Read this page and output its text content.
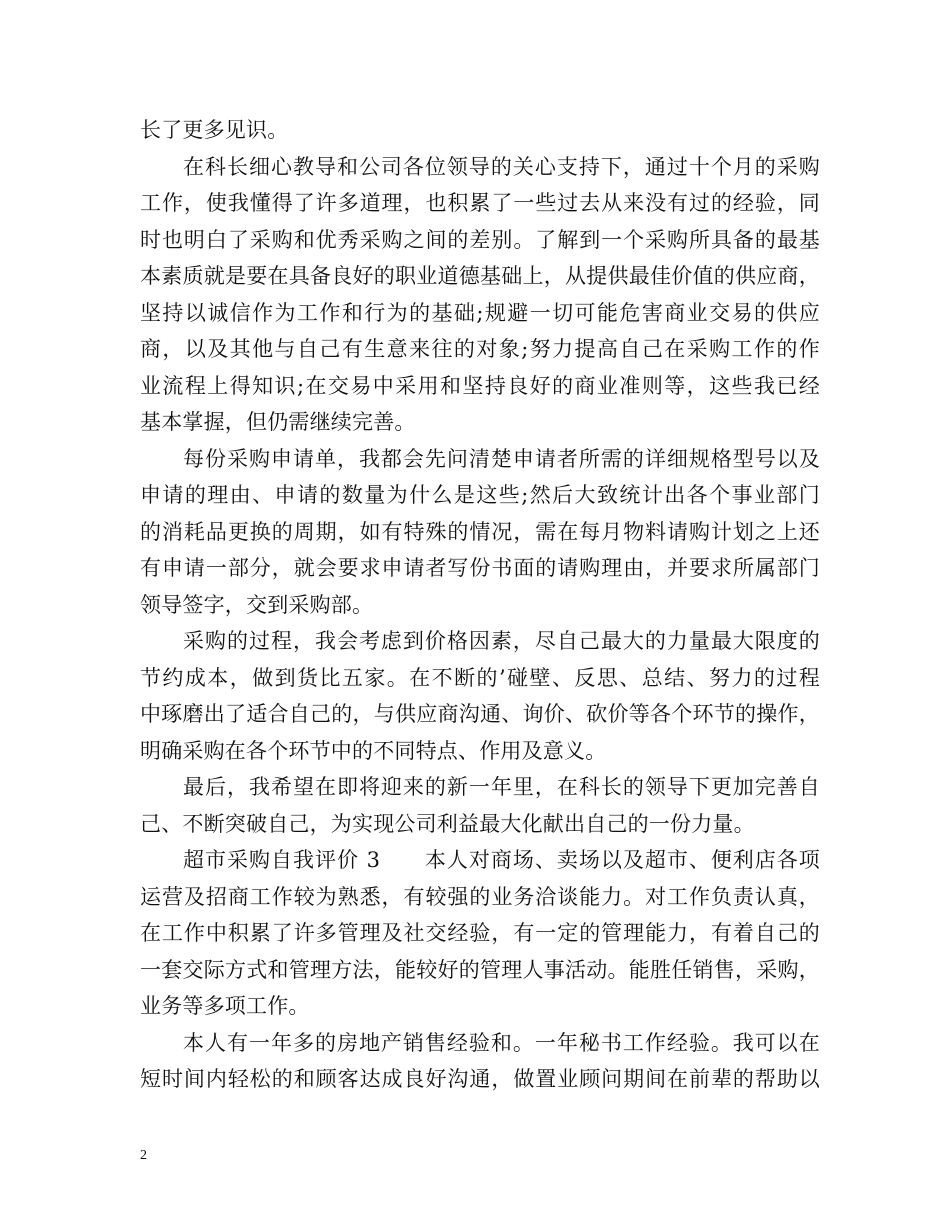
长了更多见识。
在科长细心教导和公司各位领导的关心支持下，通过十个月的采购
工作，使我懂得了许多道理，也积累了一些过去从来没有过的经验，同
时也明白了采购和优秀采购之间的差别。了解到一个采购所具备的最基
本素质就是要在具备良好的职业道德基础上，从提供最佳价值的供应商，
坚持以诚信作为工作和行为的基础;规避一切可能危害商业交易的供应
商，以及其他与自己有生意来往的对象;努力提高自己在采购工作的作
业流程上得知识;在交易中采用和坚持良好的商业准则等，这些我已经
基本掌握，但仍需继续完善。
每份采购申请单，我都会先问清楚申请者所需的详细规格型号以及
申请的理由、申请的数量为什么是这些;然后大致统计出各个事业部门
的消耗品更换的周期，如有特殊的情况，需在每月物料请购计划之上还
有申请一部分，就会要求申请者写份书面的请购理由，并要求所属部门
领导签字，交到采购部。
采购的过程，我会考虑到价格因素，尽自己最大的力量最大限度的
节约成本，做到货比五家。在不断的’碰壁、反思、总结、努力的过程
中琢磨出了适合自己的，与供应商沟通、询价、砍价等各个环节的操作，
明确采购在各个环节中的不同特点、作用及意义。
最后，我希望在即将迎来的新一年里，在科长的领导下更加完善自
己、不断突破自己，为实现公司利益最大化献出自己的一份力量。
超市采购自我评价 3　　本人对商场、卖场以及超市、便利店各项
运营及招商工作较为熟悉，有较强的业务洽谈能力。对工作负责认真，
在工作中积累了许多管理及社交经验，有一定的管理能力，有着自己的
一套交际方式和管理方法，能较好的管理人事活动。能胜任销售，采购，
业务等多项工作。
本人有一年多的房地产销售经验和。一年秘书工作经验。我可以在
短时间内轻松的和顾客达成良好沟通，做置业顾问期间在前辈的帮助以
2
